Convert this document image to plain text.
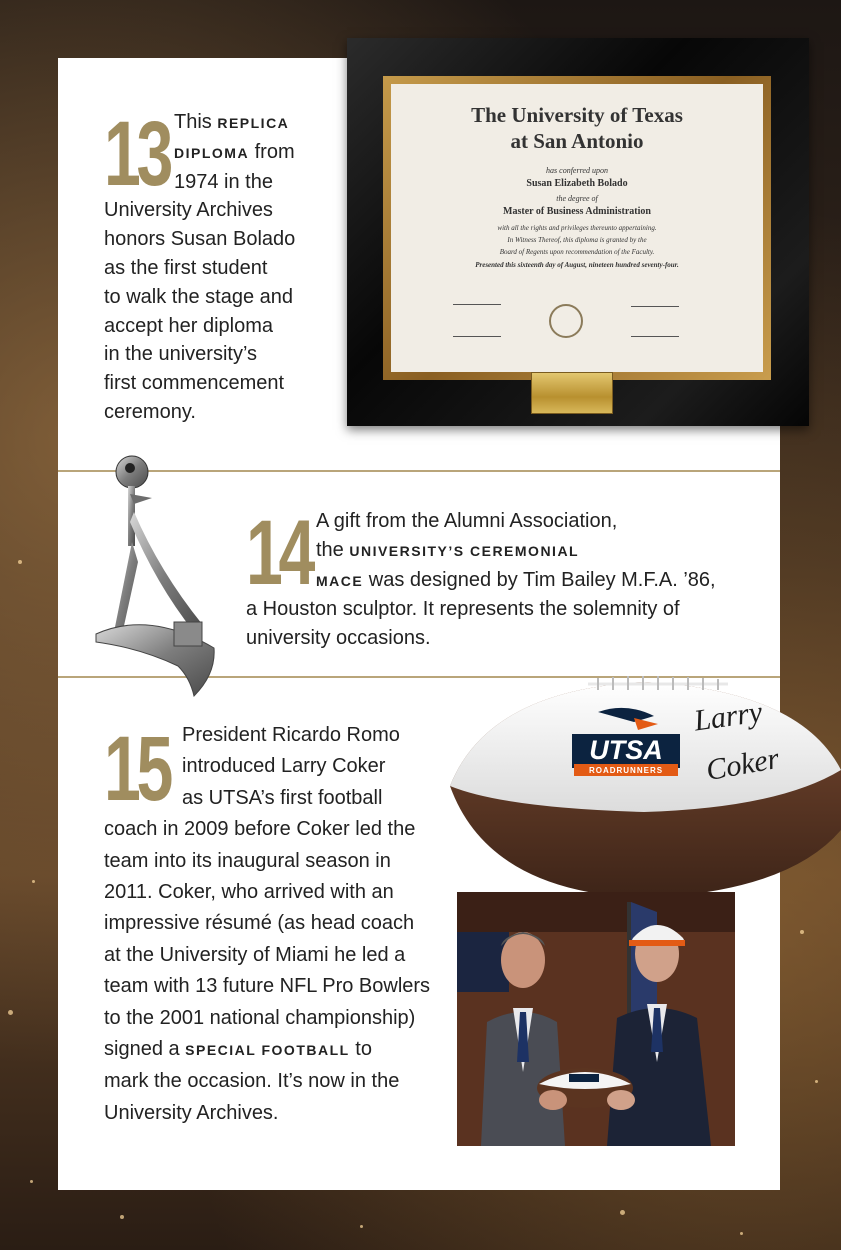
13 This REPLICA
DIPLOMA from
1974 in the
University Archives
honors Susan Bolado
as the first student
to walk the stage and
accept her diploma
in the university’s
first commencement
ceremony.
The University of Texas
at San Antonio
has conferred upon
Susan Elizabeth Bolado
the degree of
Master of Business Administration
with all the rights and privileges thereunto appertaining.
In Witness Thereof, this diploma is granted by the
Board of Regents upon recommendation of the Faculty.
Presented this sixteenth day of August, nineteen hundred seventy-four.
14 A gift from the Alumni Association,
the UNIVERSITY’S CEREMONIAL
MACE was designed by Tim Bailey M.F.A. ’86,
a Houston sculptor. It represents the solemnity of
university occasions.
UTSA
ROADRUNNERS
Larry
Coker
15 President Ricardo Romo
introduced Larry Coker
as UTSA’s first football
coach in 2009 before Coker led the
team into its inaugural season in
2011. Coker, who arrived with an
impressive résumé (as head coach
at the University of Miami he led a
team with 13 future NFL Pro Bowlers
to the 2001 national championship)
signed a SPECIAL FOOTBALL to
mark the occasion. It’s now in the
University Archives.
